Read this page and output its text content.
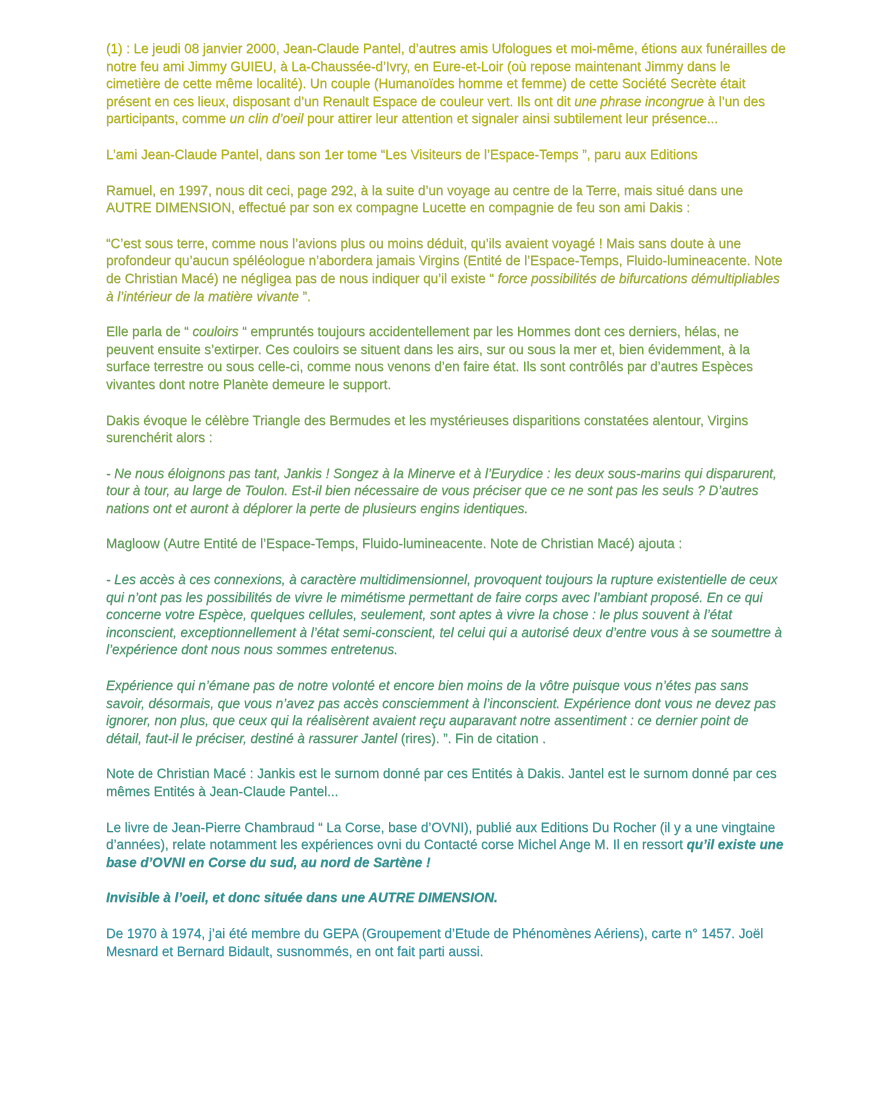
(1) : Le jeudi 08 janvier 2000, Jean-Claude Pantel, d’autres amis Ufologues et moi-même, étions aux funérailles de notre feu ami Jimmy GUIEU, à La-Chaussée-d’Ivry, en Eure-et-Loir (où repose maintenant Jimmy dans le cimetière de cette même localité). Un couple (Humanoïdes homme et femme) de cette Société Secrète était présent en ces lieux, disposant d’un Renault Espace de couleur vert. Ils ont dit une phrase incongrue à l’un des participants, comme un clin d’oeil pour attirer leur attention et signaler ainsi subtilement leur présence...

L’ami Jean-Claude Pantel, dans son 1er tome “Les Visiteurs de l’Espace-Temps ”, paru aux Editions

Ramuel, en 1997, nous dit ceci, page 292, à la suite d’un voyage au centre de la Terre, mais situé dans une AUTRE DIMENSION, effectué par son ex compagne Lucette en compagnie de feu son ami Dakis :

“C’est sous terre, comme nous l’avions plus ou moins déduit, qu’ils avaient voyagé ! Mais sans doute à une profondeur qu’aucun spéléologue n’abordera jamais Virgins (Entité de l’Espace-Temps, Fluido-lumineacente. Note de Christian Macé) ne négligea pas de nous indiquer qu’il existe “ force possibilités de bifurcations démultipliables à l’intérieur de la matière vivante ”.

Elle parla de “ couloirs “ empruntés toujours accidentellement par les Hommes dont ces derniers, hélas, ne peuvent ensuite s’extirper. Ces couloirs se situent dans les airs, sur ou sous la mer et, bien évidemment, à la surface terrestre ou sous celle-ci, comme nous venons d’en faire état. Ils sont contrôlés par d’autres Espèces vivantes dont notre Planète demeure le support.

Dakis évoque le célèbre Triangle des Bermudes et les mystérieuses disparitions constatées alentour, Virgins surenchérit alors :

- Ne nous éloignons pas tant, Jankis ! Songez à la Minerve et à l’Eurydice : les deux sous-marins qui disparurent, tour à tour, au large de Toulon. Est-il bien nécessaire de vous préciser que ce ne sont pas les seuls ? D’autres nations ont et auront à déplorer la perte de plusieurs engins identiques.

Magloow (Autre Entité de l’Espace-Temps, Fluido-lumineacente. Note de Christian Macé) ajouta :

- Les accès à ces connexions, à caractère multidimensionnel, provoquent toujours la rupture existentielle de ceux qui n’ont pas les possibilités de vivre le mimétisme permettant de faire corps avec l’ambiant proposé. En ce qui concerne votre Espèce, quelques cellules, seulement, sont aptes à vivre la chose : le plus souvent à l’état inconscient, exceptionnellement à l’état semi-conscient, tel celui qui a autorisé deux d’entre vous à se soumettre à l’expérience dont nous nous sommes entretenus.

Expérience qui n’émane pas de notre volonté et encore bien moins de la vôtre puisque vous n’étes pas sans savoir, désormais, que vous n’avez pas accès consciemment à l’inconscient. Expérience dont vous ne devez pas ignorer, non plus, que ceux qui la réalisèrent avaient reçu auparavant notre assentiment : ce dernier point de détail, faut-il le préciser, destiné à rassurer Jantel (rires). ”. Fin de citation .

Note de Christian Macé : Jankis est le surnom donné par ces Entités à Dakis. Jantel est le surnom donné par ces mêmes Entités à Jean-Claude Pantel...

Le livre de Jean-Pierre Chambraud “ La Corse, base d’OVNI), publié aux Editions Du Rocher (il y a une vingtaine d’années), relate notamment les expériences ovni du Contacté corse Michel Ange M. Il en ressort qu’il existe une base d’OVNI en Corse du sud, au nord de Sartène !

Invisible à l’oeil, et donc située dans une AUTRE DIMENSION.

De 1970 à 1974, j’ai été membre du GEPA (Groupement d’Etude de Phénomènes Aériens), carte n° 1457. Joël Mesnard et Bernard Bidault, susnommés, en ont fait parti aussi.
